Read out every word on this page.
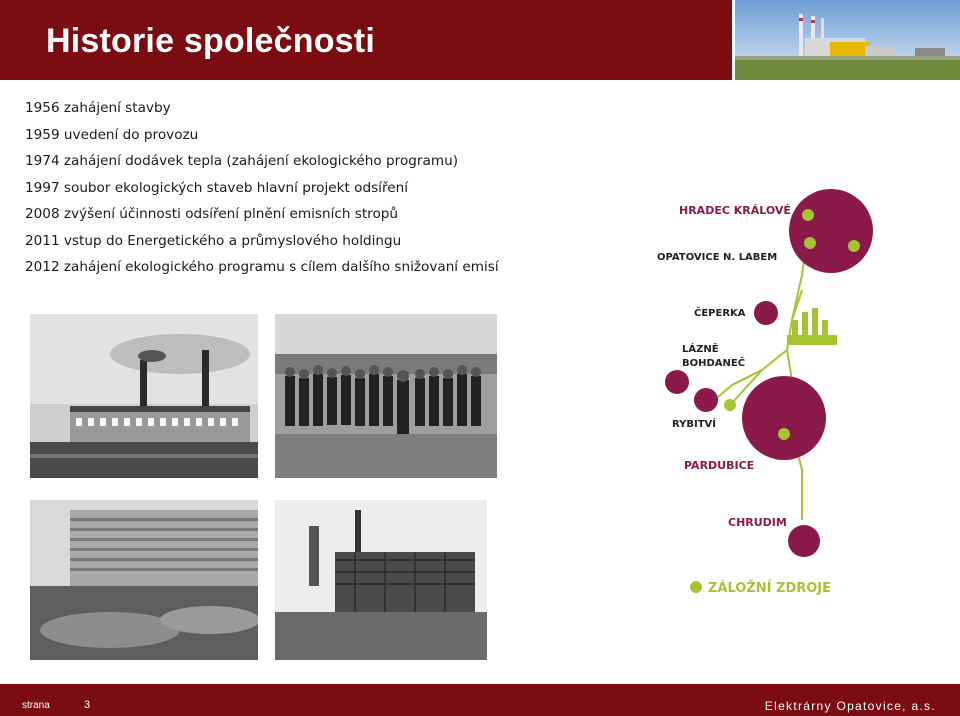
Historie společnosti
1956 zahájení stavby
1959 uvedení do provozu
1974 zahájení dodávek tepla (zahájení ekologického programu)
1997 soubor ekologických staveb hlavní projekt odsíření
2008 zvýšení účinnosti odsíření plnění emisních stropů
2011 vstup do Energetického a průmyslového holdingu
2012 zahájení ekologického programu s cílem dalšího snižovaní emisí
HRADEC KRÁLOVÉ
OPATOVICE N. LABEM
ČEPERKA
LÁZNĚ
BOHDANEČ
RYBITVÍ
PARDUBICE
CHRUDIM
ZÁLOŽNÍ ZDROJE
strana	3	Elektrárny Opatovice, a.s.
